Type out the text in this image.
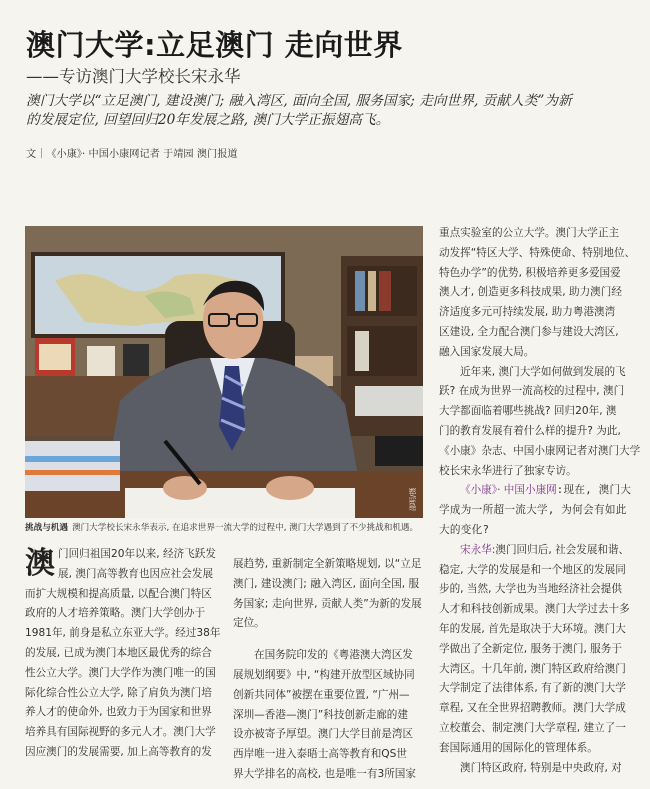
澳门大学:立足澳门 走向世界
——专访澳门大学校长宋永华
澳门大学以“立足澳门, 建设澳门; 融入湾区, 面向全国, 服务国家; 走向世界, 贡献人类”为新
的发展定位, 回望回归20年发展之路, 澳门大学正振翅高飞。
文｜《小康》· 中国小康网记者 于靖园 澳门报道
邵明/摄
挑战与机遇 澳门大学校长宋永华表示, 在追求世界一流大学的过程中, 澳门大学遇到了不少挑战和机遇。
澳 门回归祖国20年以来, 经济飞跃发
展, 澳门高等教育也因应社会发展
而扩大规模和提高质量, 以配合澳门特区
政府的人才培养策略。澳门大学创办于
1981年, 前身是私立东亚大学。经过38年
的发展, 已成为澳门本地区最优秀的综合
性公立大学。澳门大学作为澳门唯一的国
际化综合性公立大学, 除了肩负为澳门培
养人才的使命外, 也致力于为国家和世界
培养具有国际视野的多元人才。澳门大学
因应澳门的发展需要, 加上高等教育的发
展趋势, 重新制定全新策略规划, 以“立足
澳门, 建设澳门; 融入湾区, 面向全国, 服
务国家; 走向世界, 贡献人类”为新的发展
定位。
在国务院印发的《粤港澳大湾区发
展规划纲要》中, “构建开放型区域协同
创新共同体”被摆在重要位置, “广州—
深圳—香港—澳门”科技创新走廊的建
设亦被寄予厚望。澳门大学目前是湾区
西岸唯一进入泰晤士高等教育和QS世
界大学排名的高校, 也是唯一有3所国家
重点实验室的公立大学。澳门大学正主
动发挥“特区大学、特殊使命、特别地位、
特色办学”的优势, 积极培养更多爱国爱
澳人才, 创造更多科技成果, 助力澳门经
济适度多元可持续发展, 助力粤港澳湾
区建设, 全力配合澳门参与建设大湾区,
融入国家发展大局。
近年来, 澳门大学如何做到发展的飞
跃? 在成为世界一流高校的过程中, 澳门
大学都面临着哪些挑战? 回归20年, 澳
门的教育发展有着什么样的提升? 为此,
《小康》杂志、中国小康网记者对澳门大学
校长宋永华进行了独家专访。
《小康》· 中国小康网:现在, 澳门大
学成为一所超一流大学, 为何会有如此
大的变化?
宋永华:澳门回归后, 社会发展和谐、
稳定, 大学的发展是和一个地区的发展同
步的, 当然, 大学也为当地经济社会提供
人才和科技创新成果。澳门大学过去十多
年的发展, 首先是取决于大环境。澳门大
学做出了全新定位, 服务于澳门, 服务于
大湾区。十几年前, 澳门特区政府给澳门
大学制定了法律体系, 有了新的澳门大学
章程, 又在全世界招聘教师。澳门大学成
立校董会、制定澳门大学章程, 建立了一
套国际通用的国际化的管理体系。
澳门特区政府, 特别是中央政府, 对
